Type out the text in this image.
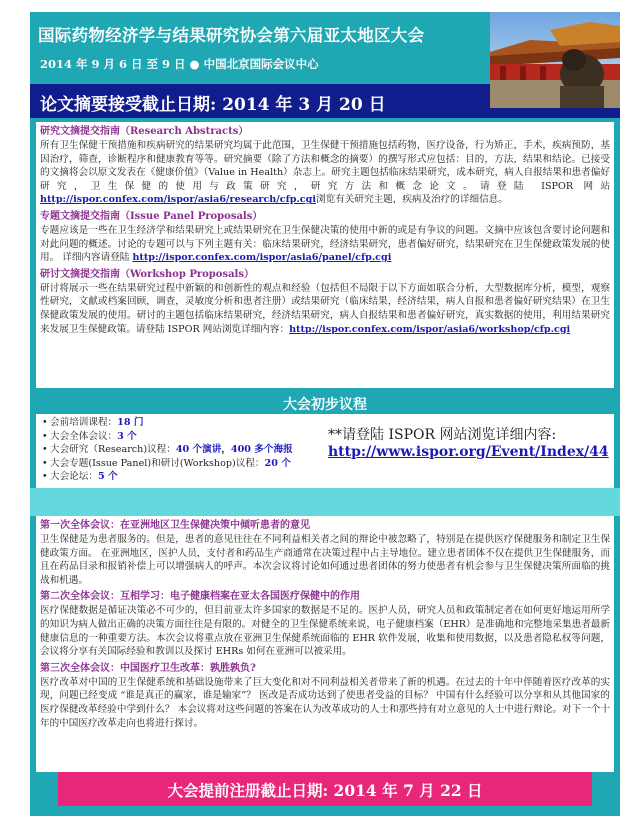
国际药物经济学与结果研究协会第六届亚太地区大会
2014 年 9 月 6 日 至 9 日 ● 中国北京国际会议中心
论文摘要接受截止日期: 2014 年 3 月 20 日
研究文摘提交指南（Research Abstracts）
所有卫生保健干预措施和疾病研究的结果研究均属于此范围，卫生保健干预措施包括药物，医疗设备，行为矫正，手术，疾病预防，基因治疗，筛查，诊断程序和健康教育等等。研究摘要（除了方法和概念的摘要）的撰写形式应包括：目的，方法，结果和结论。已接受的文摘将会以原文发表在《健康价值》（Value in Health）杂志上。研究主题包括临床结果研究，成本研究，病人自报结果和患者偏好研究，卫生保健的使用与政策研究，研究方法和概念论文。请登陆 ISPOR 网站 http://ispor.confex.com/ispor/asia6/research/cfp.cgi浏览有关研究主题，疾病及治疗的详细信息。
专题文摘提交指南（Issue Panel Proposals）
专题应该是一些在卫生经济学和结果研究上或结果研究在卫生保健决策的使用中新的或是有争议的问题。文摘中应该包含要讨论问题和对此问题的概述。讨论的专题可以与下列主题有关：临床结果研究，经济结果研究，患者偏好研究，结果研究在卫生保健政策发展的使用。 详细内容请登陆 http://ispor.confex.com/ispor/asia6/panel/cfp.cgi
研讨文摘提交指南（Workshop Proposals）
研讨将展示一些在结果研究过程中新颖的和创新性的观点和经验（包括但不局限于以下方面如联合分析，大型数据库分析，模型，观察性研究，文献或档案回顾，调查，灵敏度分析和患者注册）或结果研究（临床结果，经济结果，病人自报和患者偏好研究结果）在卫生保健政策发展的使用。研讨的主题包括临床结果研究，经济结果研究，病人自报结果和患者偏好研究，真实数据的使用，利用结果研究来发展卫生保健政策。请登陆 ISPOR 网站浏览详细内容：http://ispor.confex.com/ispor/asia6/workshop/cfp.cgi
大会初步议程
• 会前培训课程：18 门
• 大会全体会议：3 个
• 大会研究（Research)议程：40 个演讲，400 多个海报
• 大会专题(Issue Panel)和研讨(Workshop)议程：20 个
• 大会论坛：5 个
**请登陆 ISPOR 网站浏览详细内容:
http://www.ispor.org/Event/Index/44
第一次全体会议：在亚洲地区卫生保健决策中倾听患者的意见
卫生保健是为患者服务的。但是，患者的意见往往在不同利益相关者之间的辩论中被忽略了，特别是在提供医疗保健服务和制定卫生保健政策方面。 在亚洲地区，医护人员，支付者和药品生产商通常在决策过程中占主导地位。建立患者团体不仅在提供卫生保健服务，而且在药品目录和报销补偿上可以增强病人的呼声。本次会议将讨论如何通过患者团体的努力使患者有机会参与卫生保健决策所面临的挑战和机遇。
第二次全体会议：互相学习：电子健康档案在亚太各国医疗保健中的作用
医疗保健数据是循证决策必不可少的，但目前亚太许多国家的数据是不足的。医护人员，研究人员和政策制定者在如何更好地运用所学的知识为病人做出正确的决策方面往往是有限的。对健全的卫生保健系统来说，电子健康档案（EHR）是准确地和完整地采集患者最新健康信息的一种重要方法。本次会议将重点放在亚洲卫生保健系统面临的 EHR 软件发展，收集和使用数据，以及患者隐私权等问题，会议将分享有关国际经验和教训以及探讨 EHRs 如何在亚洲可以被采用。
第三次全体会议：中国医疗卫生改革：孰胜孰负?
医疗改革对中国的卫生保健系统和基础设施带来了巨大变化和对不同利益相关者带来了新的机遇。在过去的十年中伴随着医疗改革的实现，问题已经变成 “谁是真正的赢家，谁是输家”？ 医改是否成功达到了使患者受益的目标？ 中国有什么经验可以分享和从其他国家的医疗保健改革经验中学到什么？ 本会议将对这些问题的答案在认为改革成功的人士和那些持有对立意见的人士中进行辩论。对下一个十年的中国医疗改革走向也将进行探讨。
大会提前注册截止日期: 2014 年 7 月 22 日
